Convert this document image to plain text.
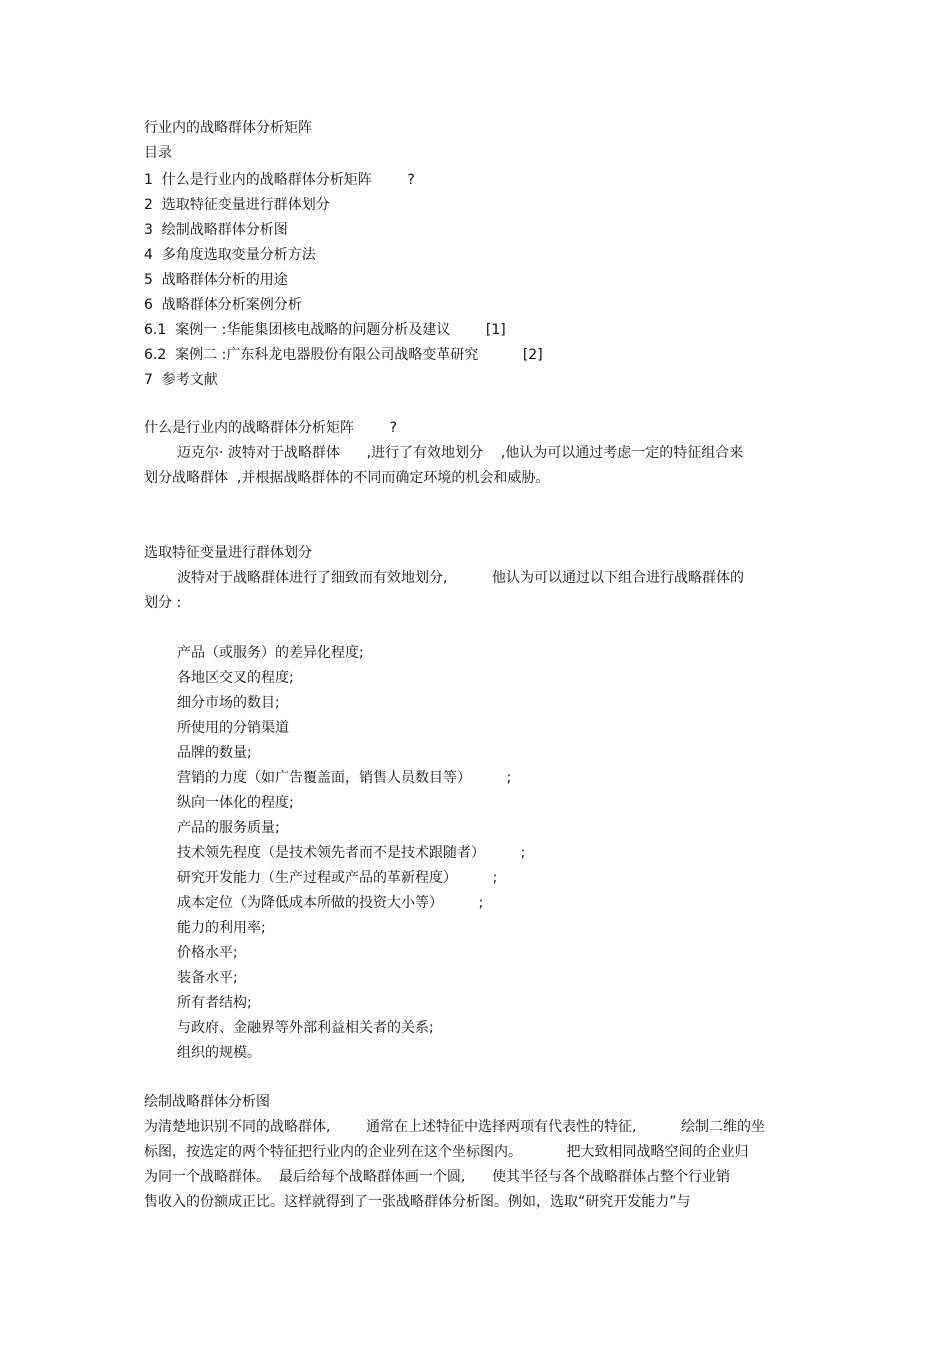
行业内的战略群体分析矩阵
目录
1  什么是行业内的战略群体分析矩阵        ?
2  选取特征变量进行群体划分
3  绘制战略群体分析图
4  多角度选取变量分析方法
5  战略群体分析的用途
6  战略群体分析案例分析
6.1  案例一 :华能集团核电战略的问题分析及建议        [1]
6.2  案例二 :广东科龙电器股份有限公司战略变革研究          [2]
7  参考文献
什么是行业内的战略群体分析矩阵        ?
迈克尔· 波特对于战略群体      ,进行了有效地划分    ,他认为可以通过考虑一定的特征组合来
划分战略群体  ,并根据战略群体的不同而确定环境的机会和威胁。
选取特征变量进行群体划分
波特对于战略群体进行了细致而有效地划分,          他认为可以通过以下组合进行战略群体的
划分 :
产品（或服务）的差异化程度;
各地区交叉的程度;
细分市场的数目;
所使用的分销渠道
品牌的数量;
营销的力度（如广告覆盖面，销售人员数目等）        ;
纵向一体化的程度;
产品的服务质量;
技术领先程度（是技术领先者而不是技术跟随者）        ;
研究开发能力（生产过程或产品的革新程度）        ;
成本定位（为降低成本所做的投资大小等）        ;
能力的利用率;
价格水平;
装备水平;
所有者结构;
与政府、金融界等外部利益相关者的关系;
组织的规模。
绘制战略群体分析图
为清楚地识别不同的战略群体,        通常在上述特征中选择两项有代表性的特征,          绘制二维的坐
标图，按选定的两个特征把行业内的企业列在这个坐标图内。          把大致相同战略空间的企业归
为同一个战略群体。  最后给每个战略群体画一个圆,      使其半径与各个战略群体占整个行业销
售收入的份额成正比。这样就得到了一张战略群体分析图。例如，选取“研究开发能力”与
